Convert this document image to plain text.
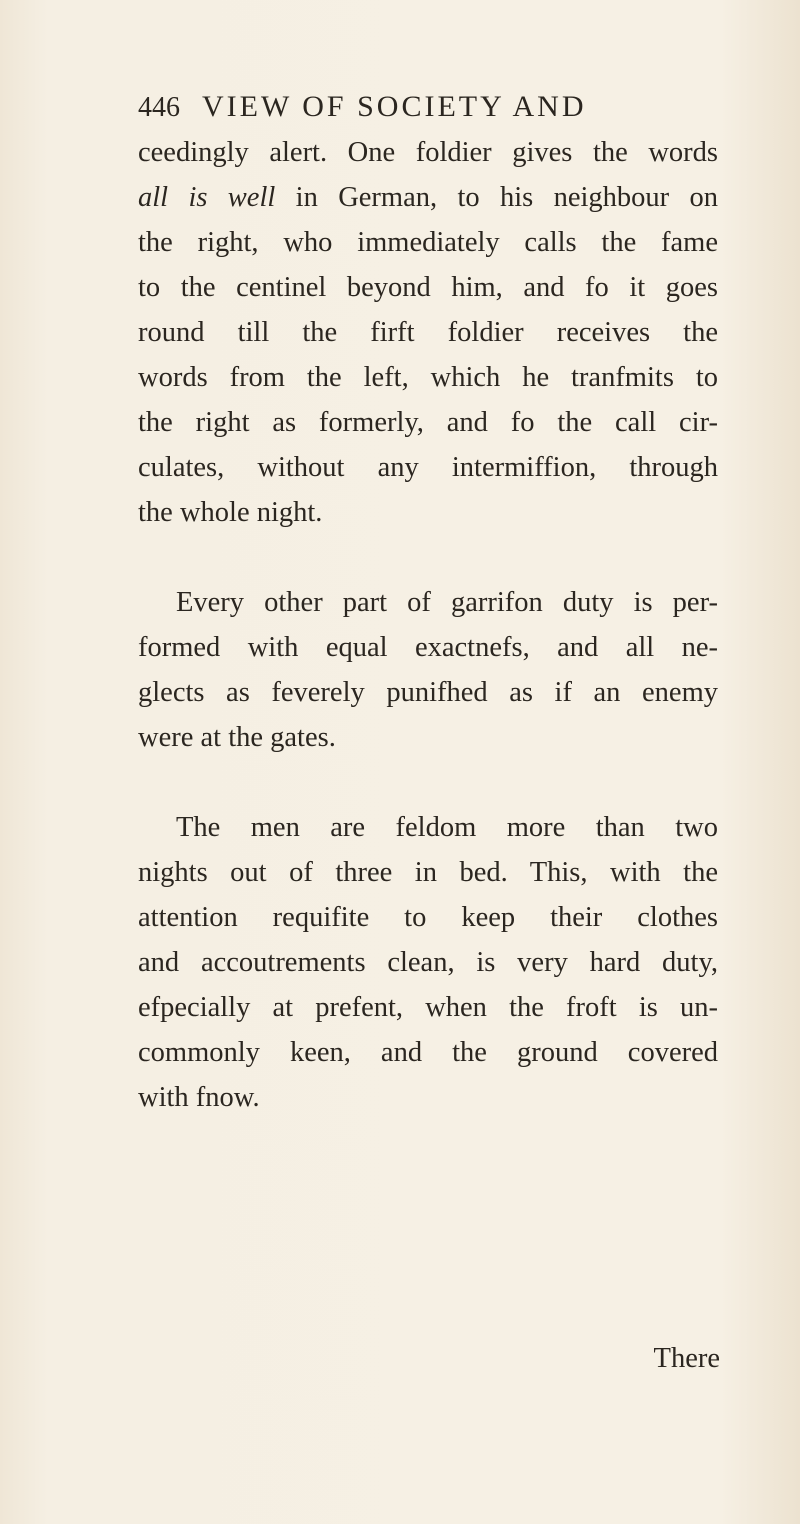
446 VIEW OF SOCIETY AND
ceedingly alert. One foldier gives the words
all is well in German, to his neighbour on
the right, who immediately calls the fame
to the centinel beyond him, and fo it goes
round till the firft foldier receives the
words from the left, which he tranfmits to
the right as formerly, and fo the call cir-
culates, without any intermiffion, through
the whole night.
Every other part of garrifon duty is per-
formed with equal exactnefs, and all ne-
glects as feverely punifhed as if an enemy
were at the gates.
The men are feldom more than two
nights out of three in bed. This, with the
attention requifite to keep their clothes
and accoutrements clean, is very hard duty,
efpecially at prefent, when the froft is un-
commonly keen, and the ground covered
with fnow.
There
